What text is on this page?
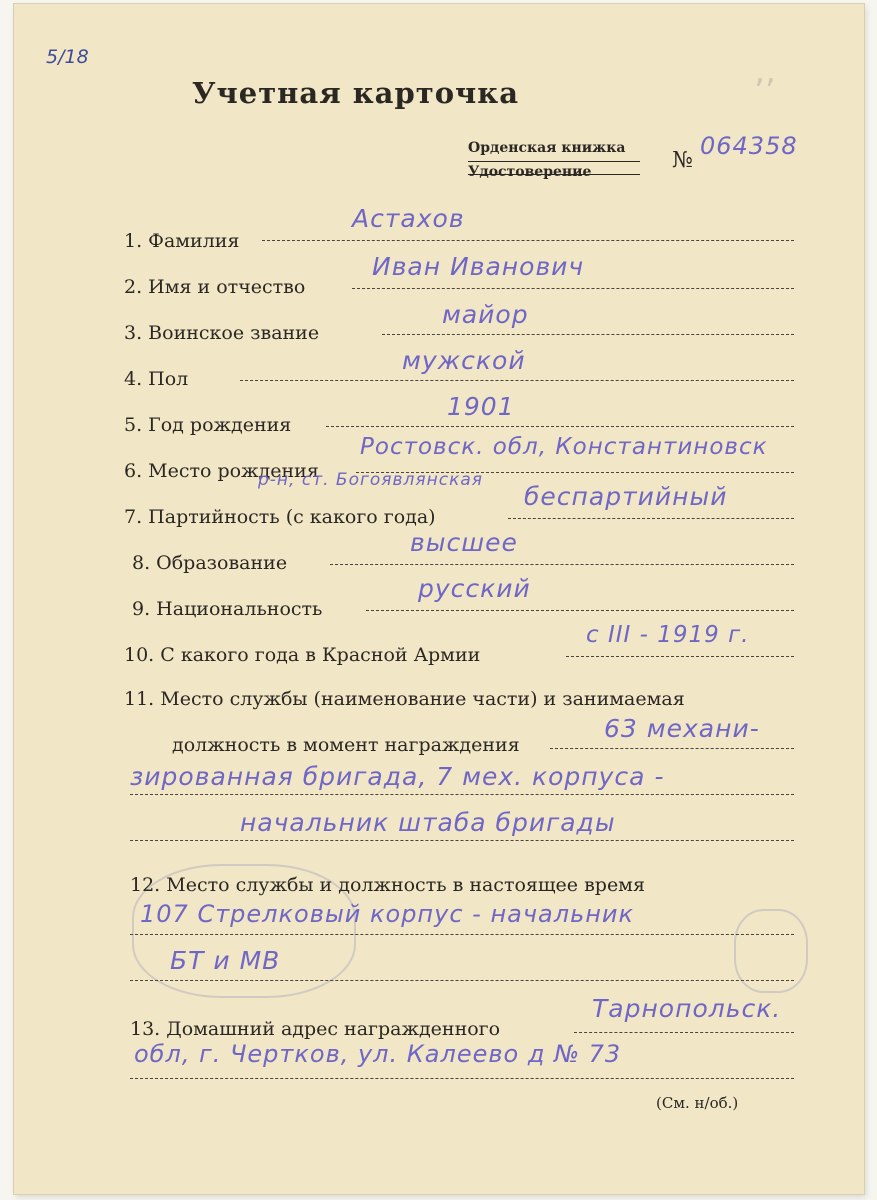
5/18
ʼʼ
Учетная карточка
Орденская книжка
Удостоверение	№
064358
1. Фамилия
Астахов
2. Имя и отчество
Иван Иванович
3. Воинское звание
майор
4. Пол
мужской
5. Год рождения
1901
6. Место рождения
Ростовск. обл, Константиновск
р-н, ст. Богоявлянская
7. Партийность (с какого года)
беспартийный
8. Образование
высшее
9. Национальность
русский
10. С какого года в Красной Армии
с III - 1919 г.
11. Место службы (наименование части) и занимаемая
должность в момент награждения
63 механи-
зированная бригада, 7 мех. корпуса -
начальник штаба бригады
12. Место службы и должность в настоящее время
107 Стрелковый корпус - начальник
БТ и МВ
13. Домашний адрес награжденного
Тарнопольск.
обл, г. Чертков, ул. Калеево д № 73
(См. н/об.)
